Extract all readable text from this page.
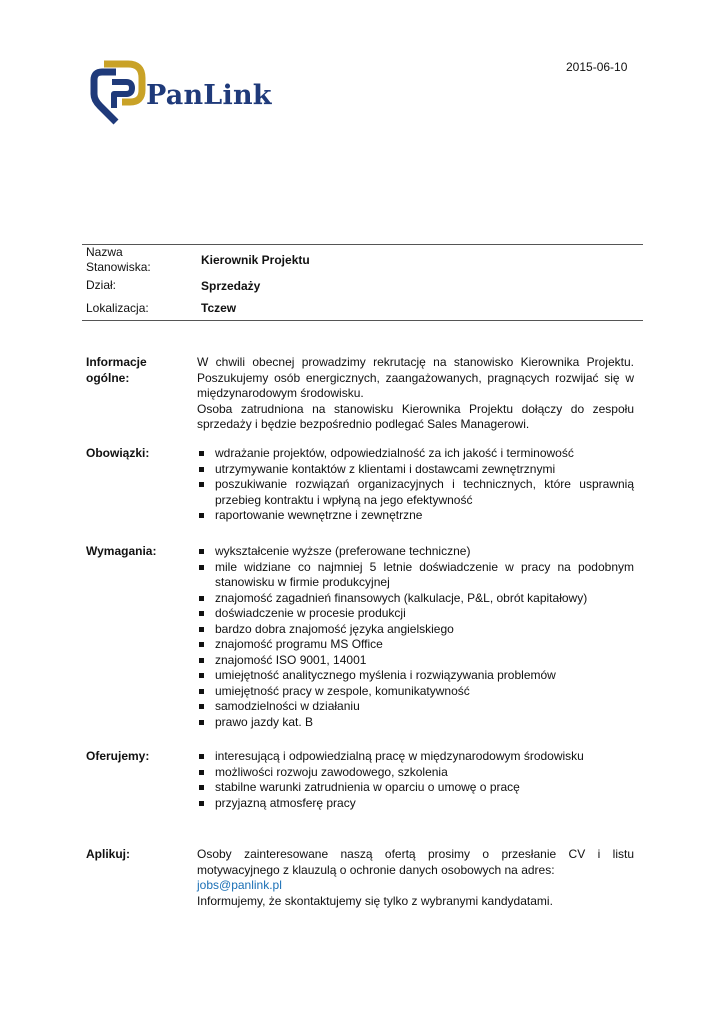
PanLink
2015-06-10
Nazwa
Stanowiska:	Kierownik Projektu
Dział:	Sprzedaży
Lokalizacja:	Tczew
Informacje
ogólne:
W chwili obecnej prowadzimy rekrutację na stanowisko Kierownika Projektu. Poszukujemy osób energicznych, zaangażowanych, pragnących rozwijać się w międzynarodowym środowisku.
Osoba zatrudniona na stanowisku Kierownika Projektu dołączy do zespołu sprzedaży i będzie bezpośrednio podlegać Sales Managerowi.
Obowiązki:	wdrażanie projektów, odpowiedzialność za ich jakość i terminowość
utrzymywanie kontaktów z klientami i dostawcami zewnętrznymi
poszukiwanie rozwiązań organizacyjnych i technicznych, które usprawnią przebieg kontraktu i wpłyną na jego efektywność
raportowanie wewnętrzne i zewnętrzne
Wymagania:	wykształcenie wyższe (preferowane techniczne)
mile widziane co najmniej 5 letnie doświadczenie w pracy na podobnym stanowisku w firmie produkcyjnej
znajomość zagadnień finansowych (kalkulacje, P&L, obrót kapitałowy)
doświadczenie w procesie produkcji
bardzo dobra znajomość języka angielskiego
znajomość programu MS Office
znajomość ISO 9001, 14001
umiejętność analitycznego myślenia i rozwiązywania problemów
umiejętność pracy w zespole, komunikatywność
samodzielności w działaniu
prawo jazdy kat. B
Oferujemy:	interesującą i odpowiedzialną pracę w międzynarodowym środowisku
możliwości rozwoju zawodowego, szkolenia
stabilne warunki zatrudnienia w oparciu o umowę o pracę
przyjazną atmosferę pracy
Aplikuj:	Osoby zainteresowane naszą ofertą prosimy o przesłanie CV i listu motywacyjnego z klauzulą o ochronie danych osobowych na adres:
jobs@panlink.pl
Informujemy, że skontaktujemy się tylko z wybranymi kandydatami.
